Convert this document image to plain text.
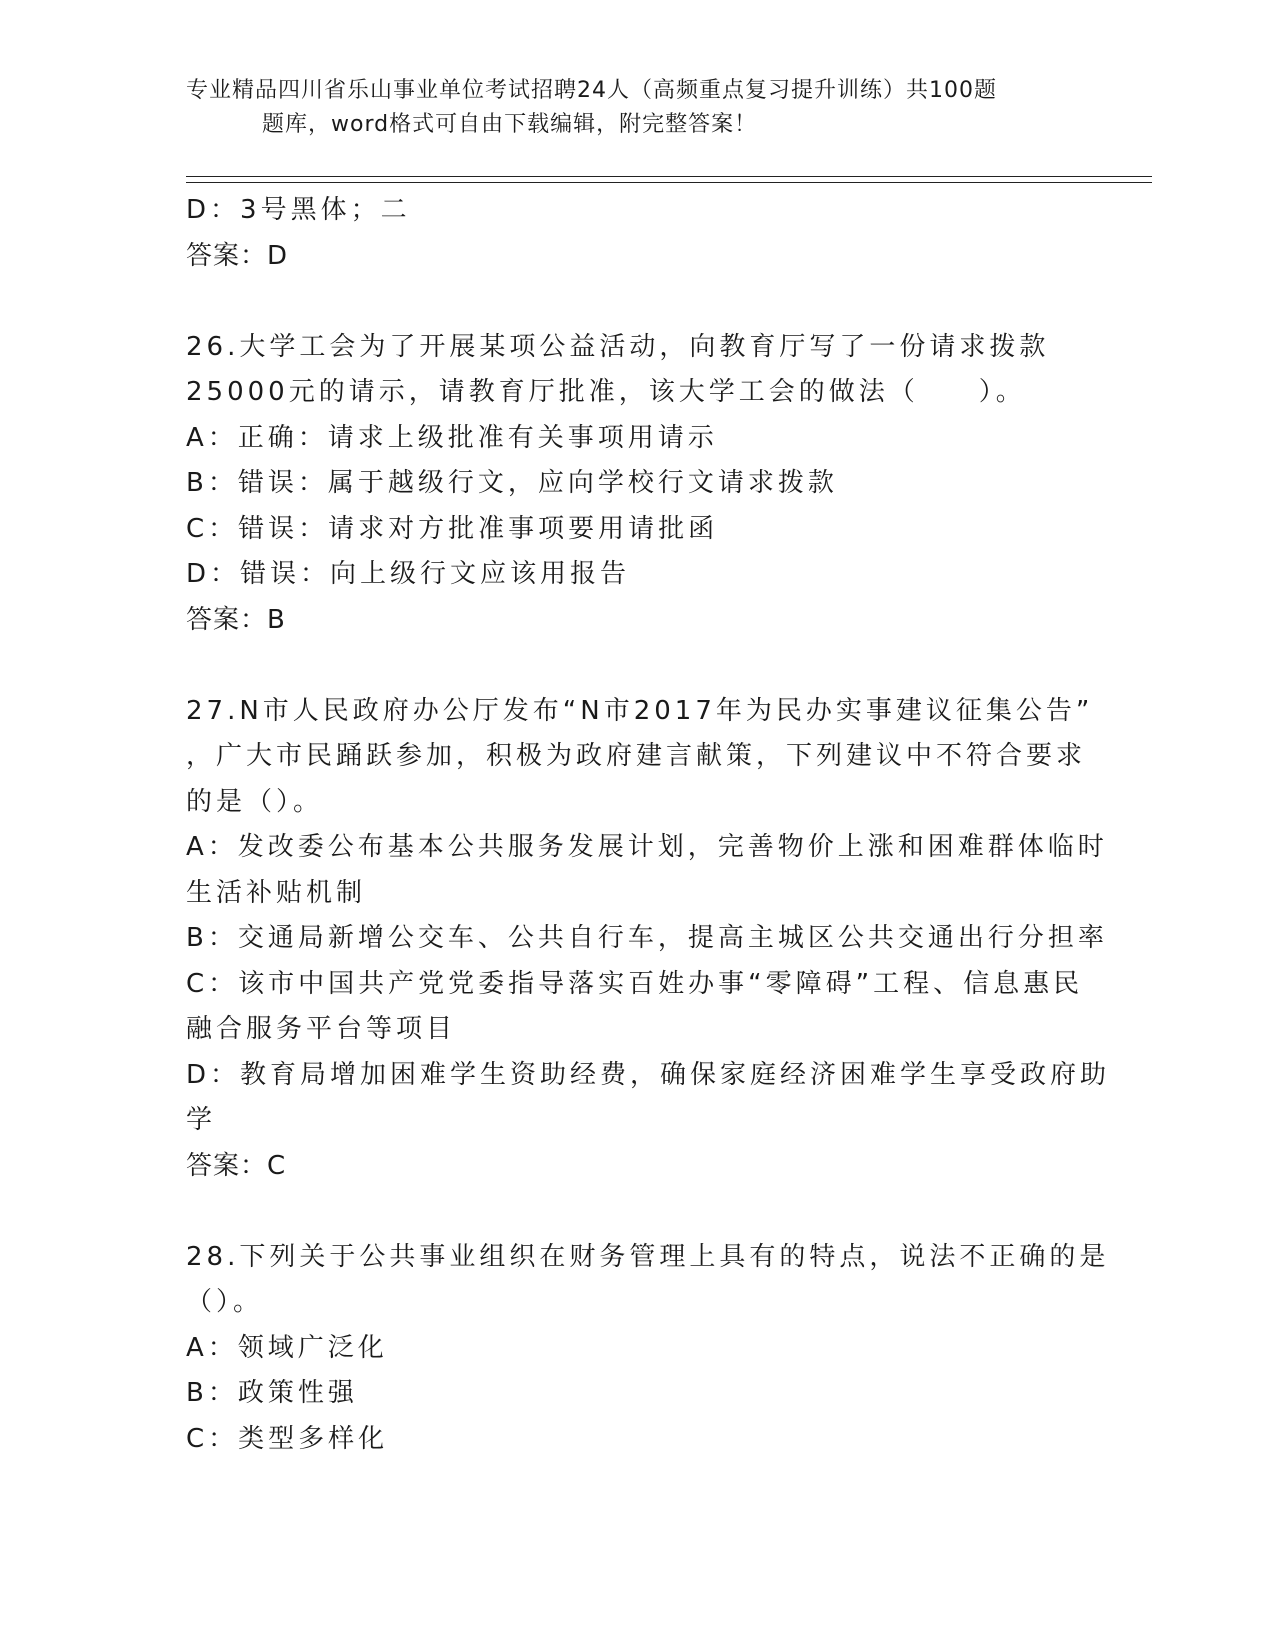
专业精品四川省乐山事业单位考试招聘24人（高频重点复习提升训练）共100题
题库，word格式可自由下载编辑，附完整答案！
D：3号黑体；二
答案：D
26.大学工会为了开展某项公益活动，向教育厅写了一份请求拨款
25000元的请示，请教育厅批准，该大学工会的做法（　　）。
A：正确：请求上级批准有关事项用请示
B：错误：属于越级行文，应向学校行文请求拨款
C：错误：请求对方批准事项要用请批函
D：错误：向上级行文应该用报告
答案：B
27.N市人民政府办公厅发布“N市2017年为民办实事建议征集公告”
，广大市民踊跃参加，积极为政府建言献策，下列建议中不符合要求
的是（）。
A：发改委公布基本公共服务发展计划，完善物价上涨和困难群体临时
生活补贴机制
B：交通局新增公交车、公共自行车，提高主城区公共交通出行分担率
C：该市中国共产党党委指导落实百姓办事“零障碍”工程、信息惠民
融合服务平台等项目
D：教育局增加困难学生资助经费，确保家庭经济困难学生享受政府助
学
答案：C
28.下列关于公共事业组织在财务管理上具有的特点，说法不正确的是
（）。
A：领域广泛化
B：政策性强
C：类型多样化
